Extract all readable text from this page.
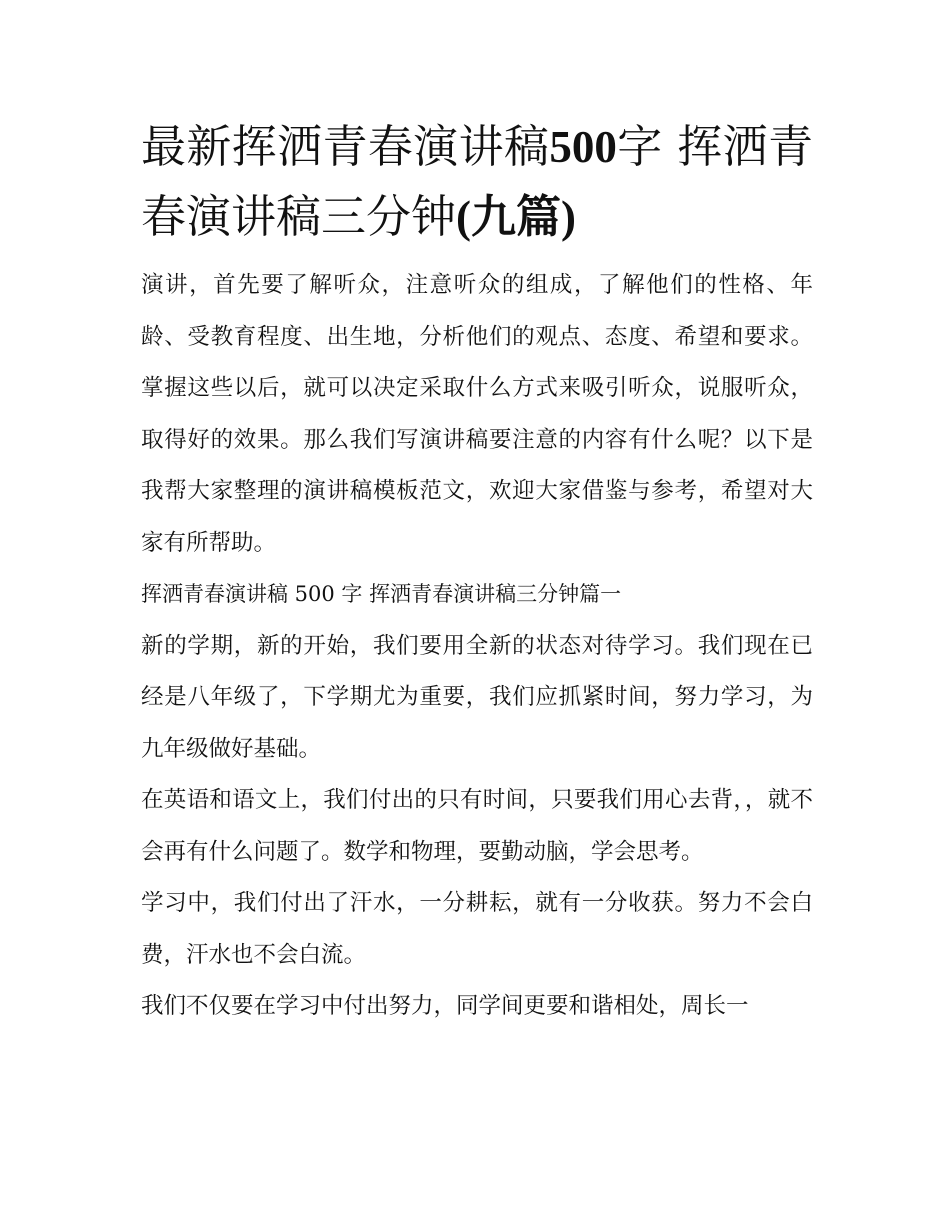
最新挥洒青春演讲稿500字 挥洒青春演讲稿三分钟(九篇)

演讲，首先要了解听众，注意听众的组成，了解他们的性格、年龄、受教育程度、出生地，分析他们的观点、态度、希望和要求。掌握这些以后，就可以决定采取什么方式来吸引听众，说服听众，取得好的效果。那么我们写演讲稿要注意的内容有什么呢？以下是我帮大家整理的演讲稿模板范文，欢迎大家借鉴与参考，希望对大家有所帮助。

挥洒青春演讲稿 500 字 挥洒青春演讲稿三分钟篇一

新的学期，新的开始，我们要用全新的状态对待学习。我们现在已经是八年级了，下学期尤为重要，我们应抓紧时间，努力学习，为九年级做好基础。

在英语和语文上，我们付出的只有时间，只要我们用心去背，，就不会再有什么问题了。数学和物理，要勤动脑，学会思考。

学习中，我们付出了汗水，一分耕耘，就有一分收获。努力不会白费，汗水也不会白流。

我们不仅要在学习中付出努力，同学间更要和谐相处，周长一
